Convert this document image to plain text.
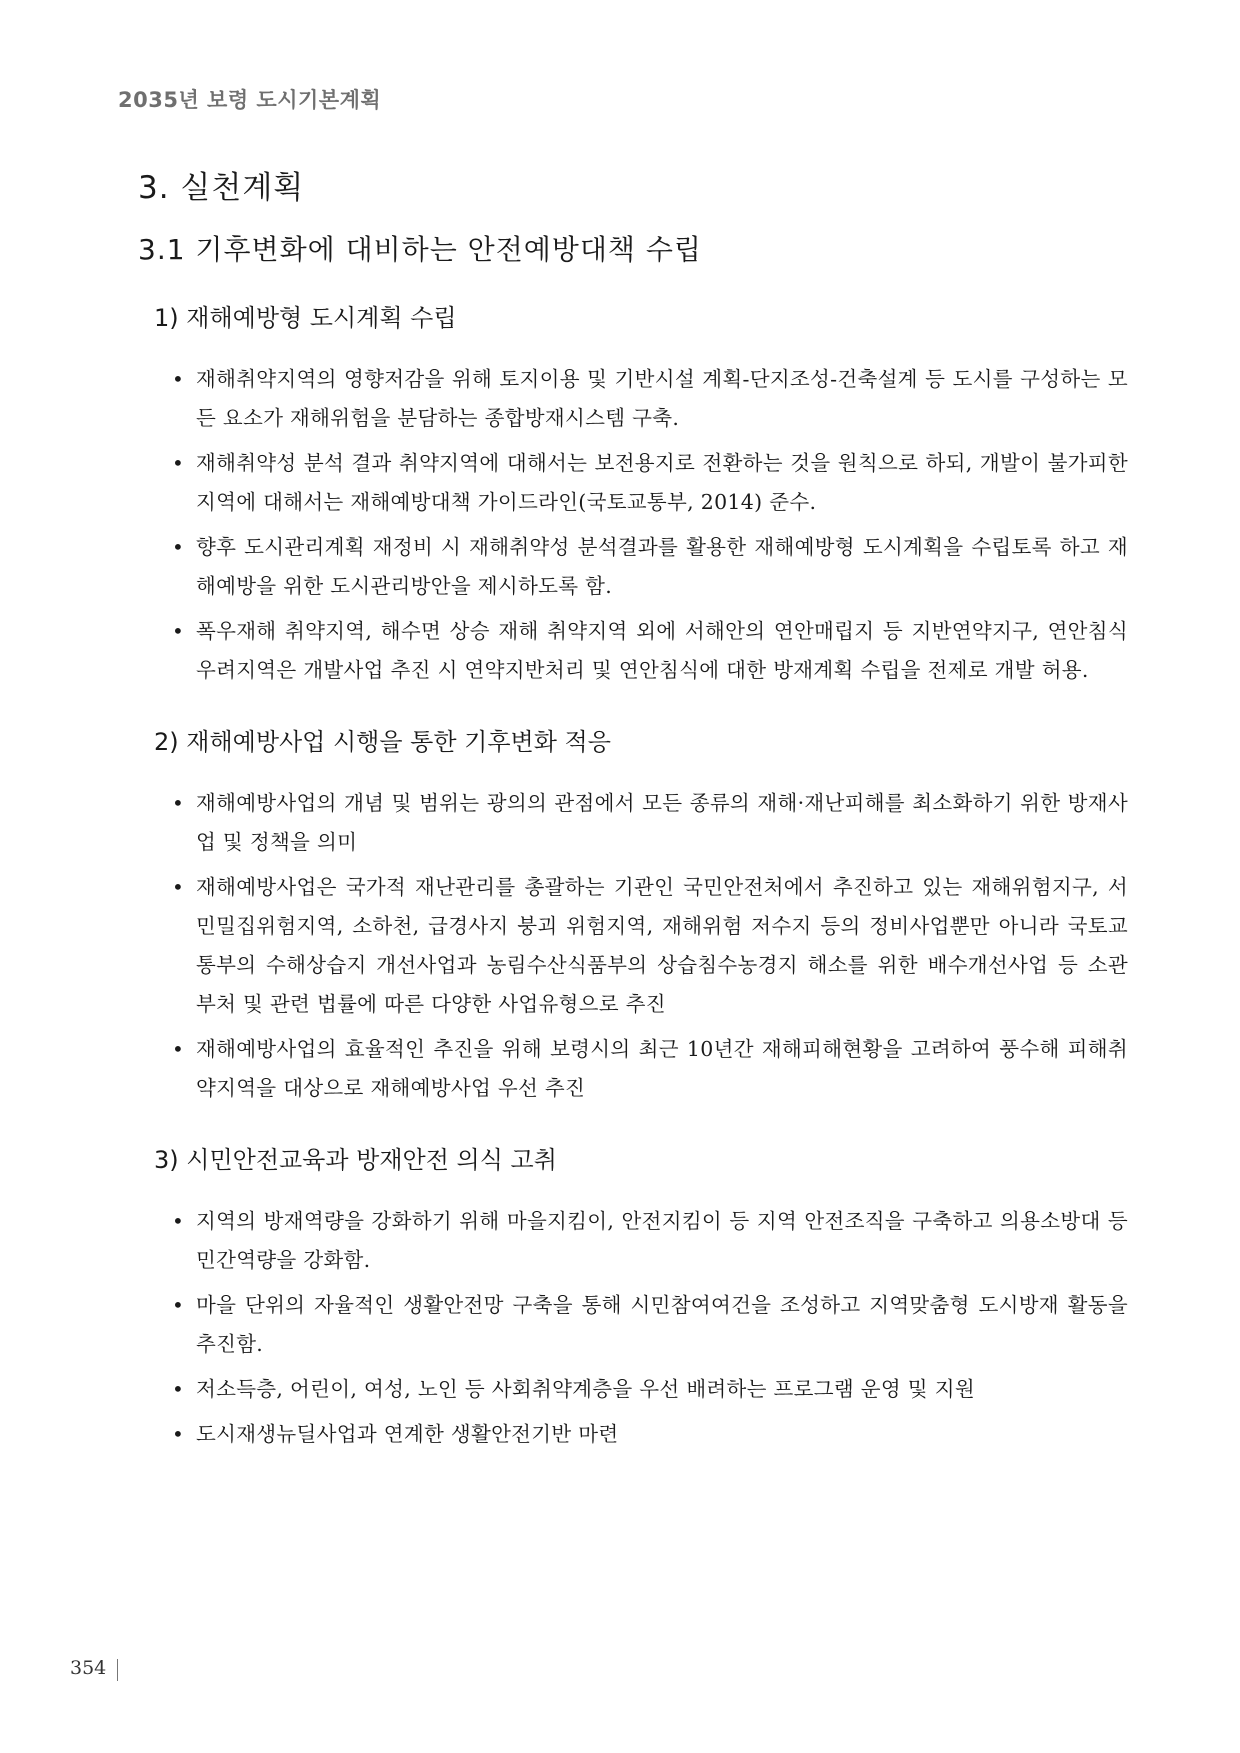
2035년 보령 도시기본계획
3. 실천계획
3.1 기후변화에 대비하는 안전예방대책 수립
1) 재해예방형 도시계획 수립
• 재해취약지역의 영향저감을 위해 토지이용 및 기반시설 계획-단지조성-건축설계 등 도시를 구성하는 모든 요소가 재해위험을 분담하는 종합방재시스템 구축.
• 재해취약성 분석 결과 취약지역에 대해서는 보전용지로 전환하는 것을 원칙으로 하되, 개발이 불가피한 지역에 대해서는 재해예방대책 가이드라인(국토교통부, 2014) 준수.
• 향후 도시관리계획 재정비 시 재해취약성 분석결과를 활용한 재해예방형 도시계획을 수립토록 하고 재해예방을 위한 도시관리방안을 제시하도록 함.
• 폭우재해 취약지역, 해수면 상승 재해 취약지역 외에 서해안의 연안매립지 등 지반연약지구, 연안침식 우려지역은 개발사업 추진 시 연약지반처리 및 연안침식에 대한 방재계획 수립을 전제로 개발 허용.
2) 재해예방사업 시행을 통한 기후변화 적응
• 재해예방사업의 개념 및 범위는 광의의 관점에서 모든 종류의 재해·재난피해를 최소화하기 위한 방재사업 및 정책을 의미
• 재해예방사업은 국가적 재난관리를 총괄하는 기관인 국민안전처에서 추진하고 있는 재해위험지구, 서민밀집위험지역, 소하천, 급경사지 붕괴 위험지역, 재해위험 저수지 등의 정비사업뿐만 아니라 국토교통부의 수해상습지 개선사업과 농림수산식품부의 상습침수농경지 해소를 위한 배수개선사업 등 소관 부처 및 관련 법률에 따른 다양한 사업유형으로 추진
• 재해예방사업의 효율적인 추진을 위해 보령시의 최근 10년간 재해피해현황을 고려하여 풍수해 피해취약지역을 대상으로 재해예방사업 우선 추진
3) 시민안전교육과 방재안전 의식 고취
• 지역의 방재역량을 강화하기 위해 마을지킴이, 안전지킴이 등 지역 안전조직을 구축하고 의용소방대 등 민간역량을 강화함.
• 마을 단위의 자율적인 생활안전망 구축을 통해 시민참여여건을 조성하고 지역맞춤형 도시방재 활동을 추진함.
• 저소득층, 어린이, 여성, 노인 등 사회취약계층을 우선 배려하는 프로그램 운영 및 지원
• 도시재생뉴딜사업과 연계한 생활안전기반 마련
354
